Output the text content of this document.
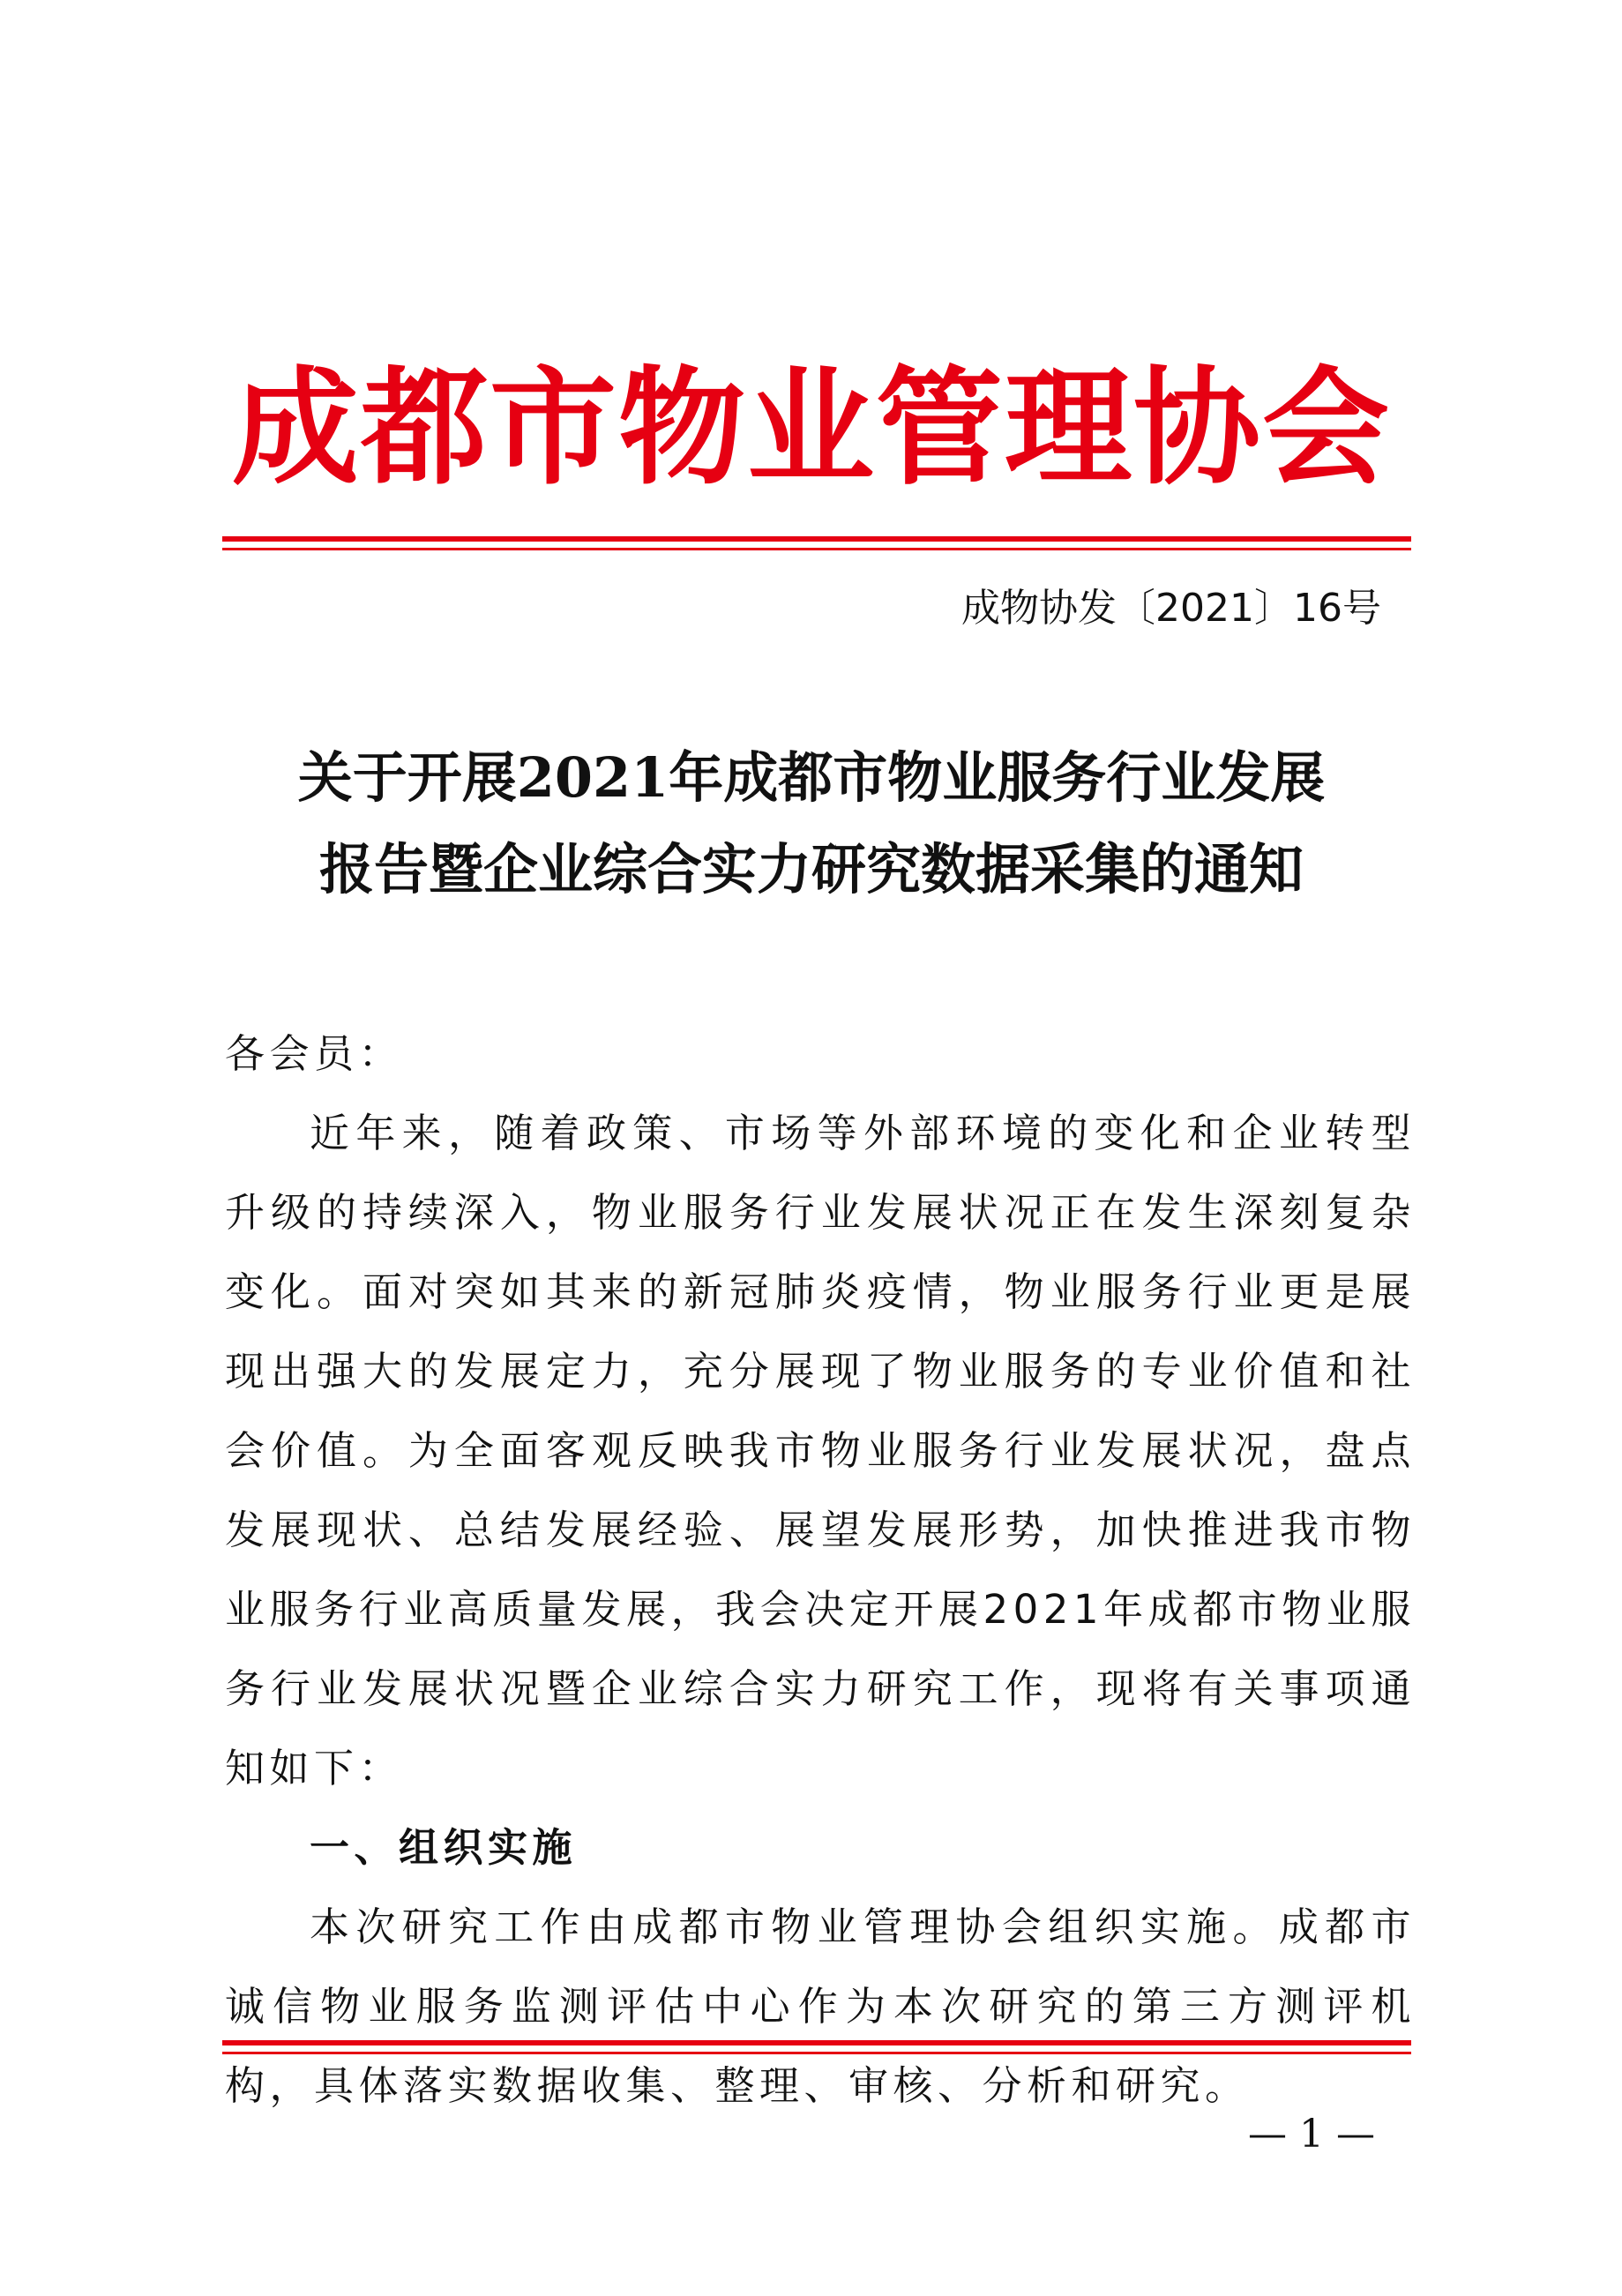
成都市物业管理协会
成物协发〔2021〕16号
关于开展2021年成都市物业服务行业发展
报告暨企业综合实力研究数据采集的通知

各会员：

近年来，随着政策、市场等外部环境的变化和企业转型升级的持续深入，物业服务行业发展状况正在发生深刻复杂变化。面对突如其来的新冠肺炎疫情，物业服务行业更是展现出强大的发展定力，充分展现了物业服务的专业价值和社会价值。为全面客观反映我市物业服务行业发展状况，盘点发展现状、总结发展经验、展望发展形势，加快推进我市物业服务行业高质量发展，我会决定开展2021年成都市物业服务行业发展状况暨企业综合实力研究工作，现将有关事项通知如下：

一、组织实施

本次研究工作由成都市物业管理协会组织实施。成都市诚信物业服务监测评估中心作为本次研究的第三方测评机构，具体落实数据收集、整理、审核、分析和研究。

— 1 —
